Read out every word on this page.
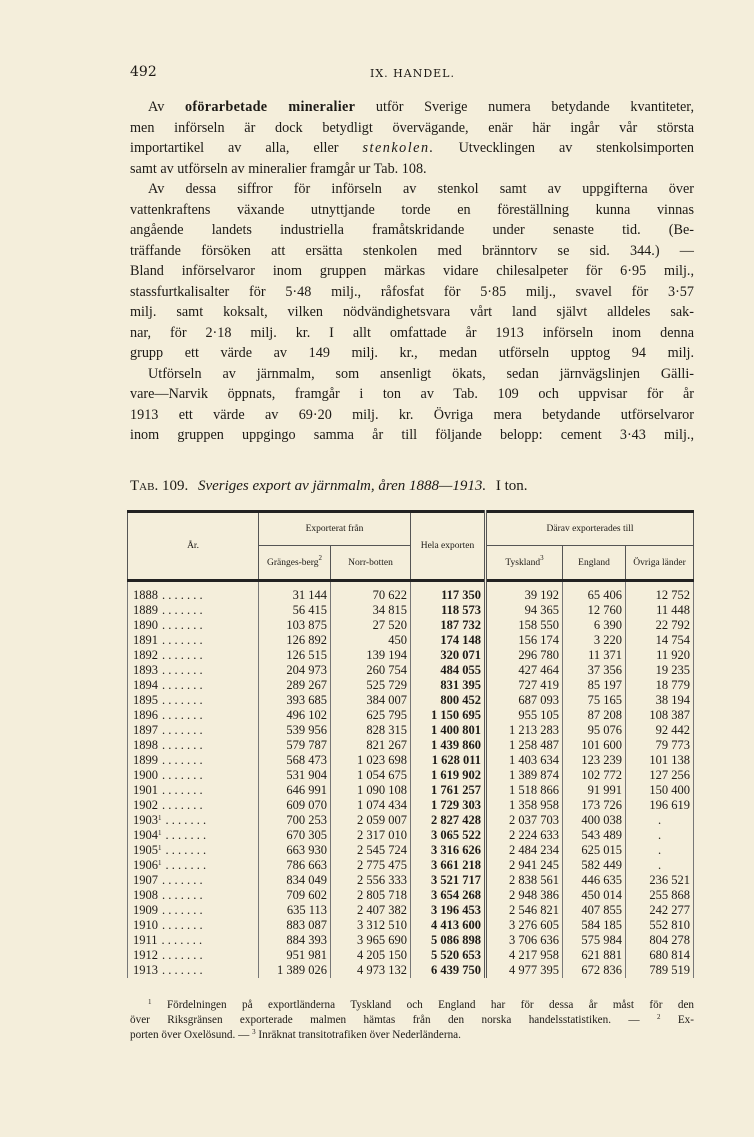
492	IX. HANDEL.
Av oförarbetade mineralier utför Sverige numera betydande kvantiteter,
men införseln är dock betydligt övervägande, enär här ingår vår största
importartikel av alla, eller stenkolen. Utvecklingen av stenkolsimporten
samt av utförseln av mineralier framgår ur Tab. 108.
Av dessa siffror för införseln av stenkol samt av uppgifterna över
vattenkraftens växande utnyttjande torde en föreställning kunna vinnas
angående landets industriella framåtskridande under senaste tid. (Be-
träffande försöken att ersätta stenkolen med bränntorv se sid. 344.) —
Bland införselvaror inom gruppen märkas vidare chilesalpeter för 6·95 milj.,
stassfurtkalisalter för 5·48 milj., råfosfat för 5·85 milj., svavel för 3·57
milj. samt koksalt, vilken nödvändighetsvara vårt land självt alldeles sak-
nar, för 2·18 milj. kr. I allt omfattade år 1913 införseln inom denna
grupp ett värde av 149 milj. kr., medan utförseln upptog 94 milj.
Utförseln av järnmalm, som ansenligt ökats, sedan järnvägslinjen Gälli-
vare—Narvik öppnats, framgår i ton av Tab. 109 och uppvisar för år
1913 ett värde av 69·20 milj. kr. Övriga mera betydande utförselvaror
inom gruppen uppgingo samma år till följande belopp: cement 3·43 milj.,
Tab. 109. Sveriges export av järnmalm, åren 1888—1913. I ton.
År.	Exporterat från		Hela exporten	Därav exporterades till		
	Gränges-berg$^2$	Norr-botten		Tyskland$^3$	England	Övriga länder
1888 . . . . . . .	31 144	70 622	117 350	39 192	65 406	12 752
1889 . . . . . . .	56 415	34 815	118 573	94 365	12 760	11 448
1890 . . . . . . .	103 875	27 520	187 732	158 550	6 390	22 792
1891 . . . . . . .	126 892	450	174 148	156 174	3 220	14 754
1892 . . . . . . .	126 515	139 194	320 071	296 780	11 371	11 920
1893 . . . . . . .	204 973	260 754	484 055	427 464	37 356	19 235
1894 . . . . . . .	289 267	525 729	831 395	727 419	85 197	18 779
1895 . . . . . . .	393 685	384 007	800 452	687 093	75 165	38 194
1896 . . . . . . .	496 102	625 795	1 150 695	955 105	87 208	108 387
1897 . . . . . . .	539 956	828 315	1 400 801	1 213 283	95 076	92 442
1898 . . . . . . .	579 787	821 267	1 439 860	1 258 487	101 600	79 773
1899 . . . . . . .	568 473	1 023 698	1 628 011	1 403 634	123 239	101 138
1900 . . . . . . .	531 904	1 054 675	1 619 902	1 389 874	102 772	127 256
1901 . . . . . . .	646 991	1 090 108	1 761 257	1 518 866	91 991	150 400
1902 . . . . . . .	609 070	1 074 434	1 729 303	1 358 958	173 726	196 619
1903$^1$ . . . . . . .	700 253	2 059 007	2 827 428	2 037 703	400 038	.
1904$^1$ . . . . . . .	670 305	2 317 010	3 065 522	2 224 633	543 489	.
1905$^1$ . . . . . . .	663 930	2 545 724	3 316 626	2 484 234	625 015	.
1906$^1$ . . . . . . .	786 663	2 775 475	3 661 218	2 941 245	582 449	.
1907 . . . . . . .	834 049	2 556 333	3 521 717	2 838 561	446 635	236 521
1908 . . . . . . .	709 602	2 805 718	3 654 268	2 948 386	450 014	255 868
1909 . . . . . . .	635 113	2 407 382	3 196 453	2 546 821	407 855	242 277
1910 . . . . . . .	883 087	3 312 510	4 413 600	3 276 605	584 185	552 810
1911 . . . . . . .	884 393	3 965 690	5 086 898	3 706 636	575 984	804 278
1912 . . . . . . .	951 981	4 205 150	5 520 653	4 217 958	621 881	680 814
1913 . . . . . . .	1 389 026	4 973 132	6 439 750	4 977 395	672 836	789 519
$^1$ Fördelningen på exportländerna Tyskland och England har för dessa år måst för den
över Riksgränsen exporterade malmen hämtas från den norska handelsstatistiken. — $^2$ Ex-
porten över Oxelösund. — $^3$ Inräknat transitotrafiken över Nederländerna.
